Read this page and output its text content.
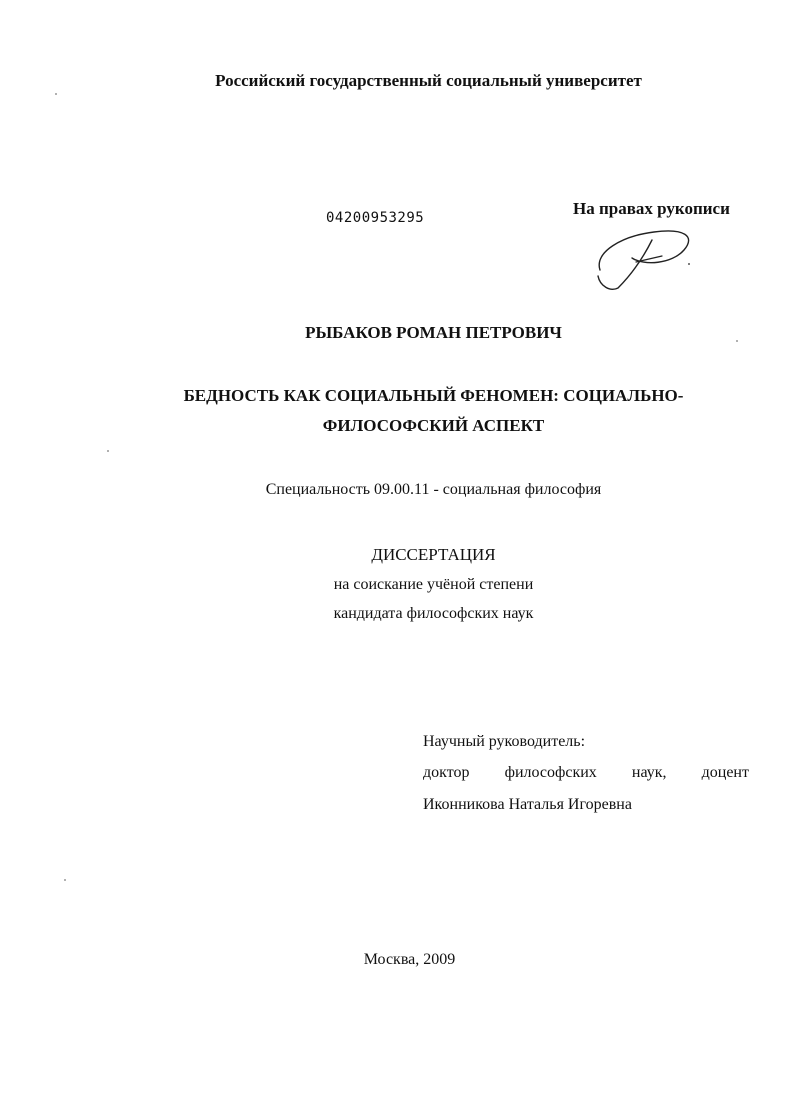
Российский государственный социальный университет
04200953295	На правах рукописи
РЫБАКОВ РОМАН ПЕТРОВИЧ
БЕДНОСТЬ КАК СОЦИАЛЬНЫЙ ФЕНОМЕН: СОЦИАЛЬНО-
ФИЛОСОФСКИЙ АСПЕКТ
Специальность 09.00.11 - социальная философия
ДИССЕРТАЦИЯ
на соискание учёной степени
кандидата философских наук
Научный руководитель:
доктор философских наук, доцент
Иконникова Наталья Игоревна
Москва, 2009
